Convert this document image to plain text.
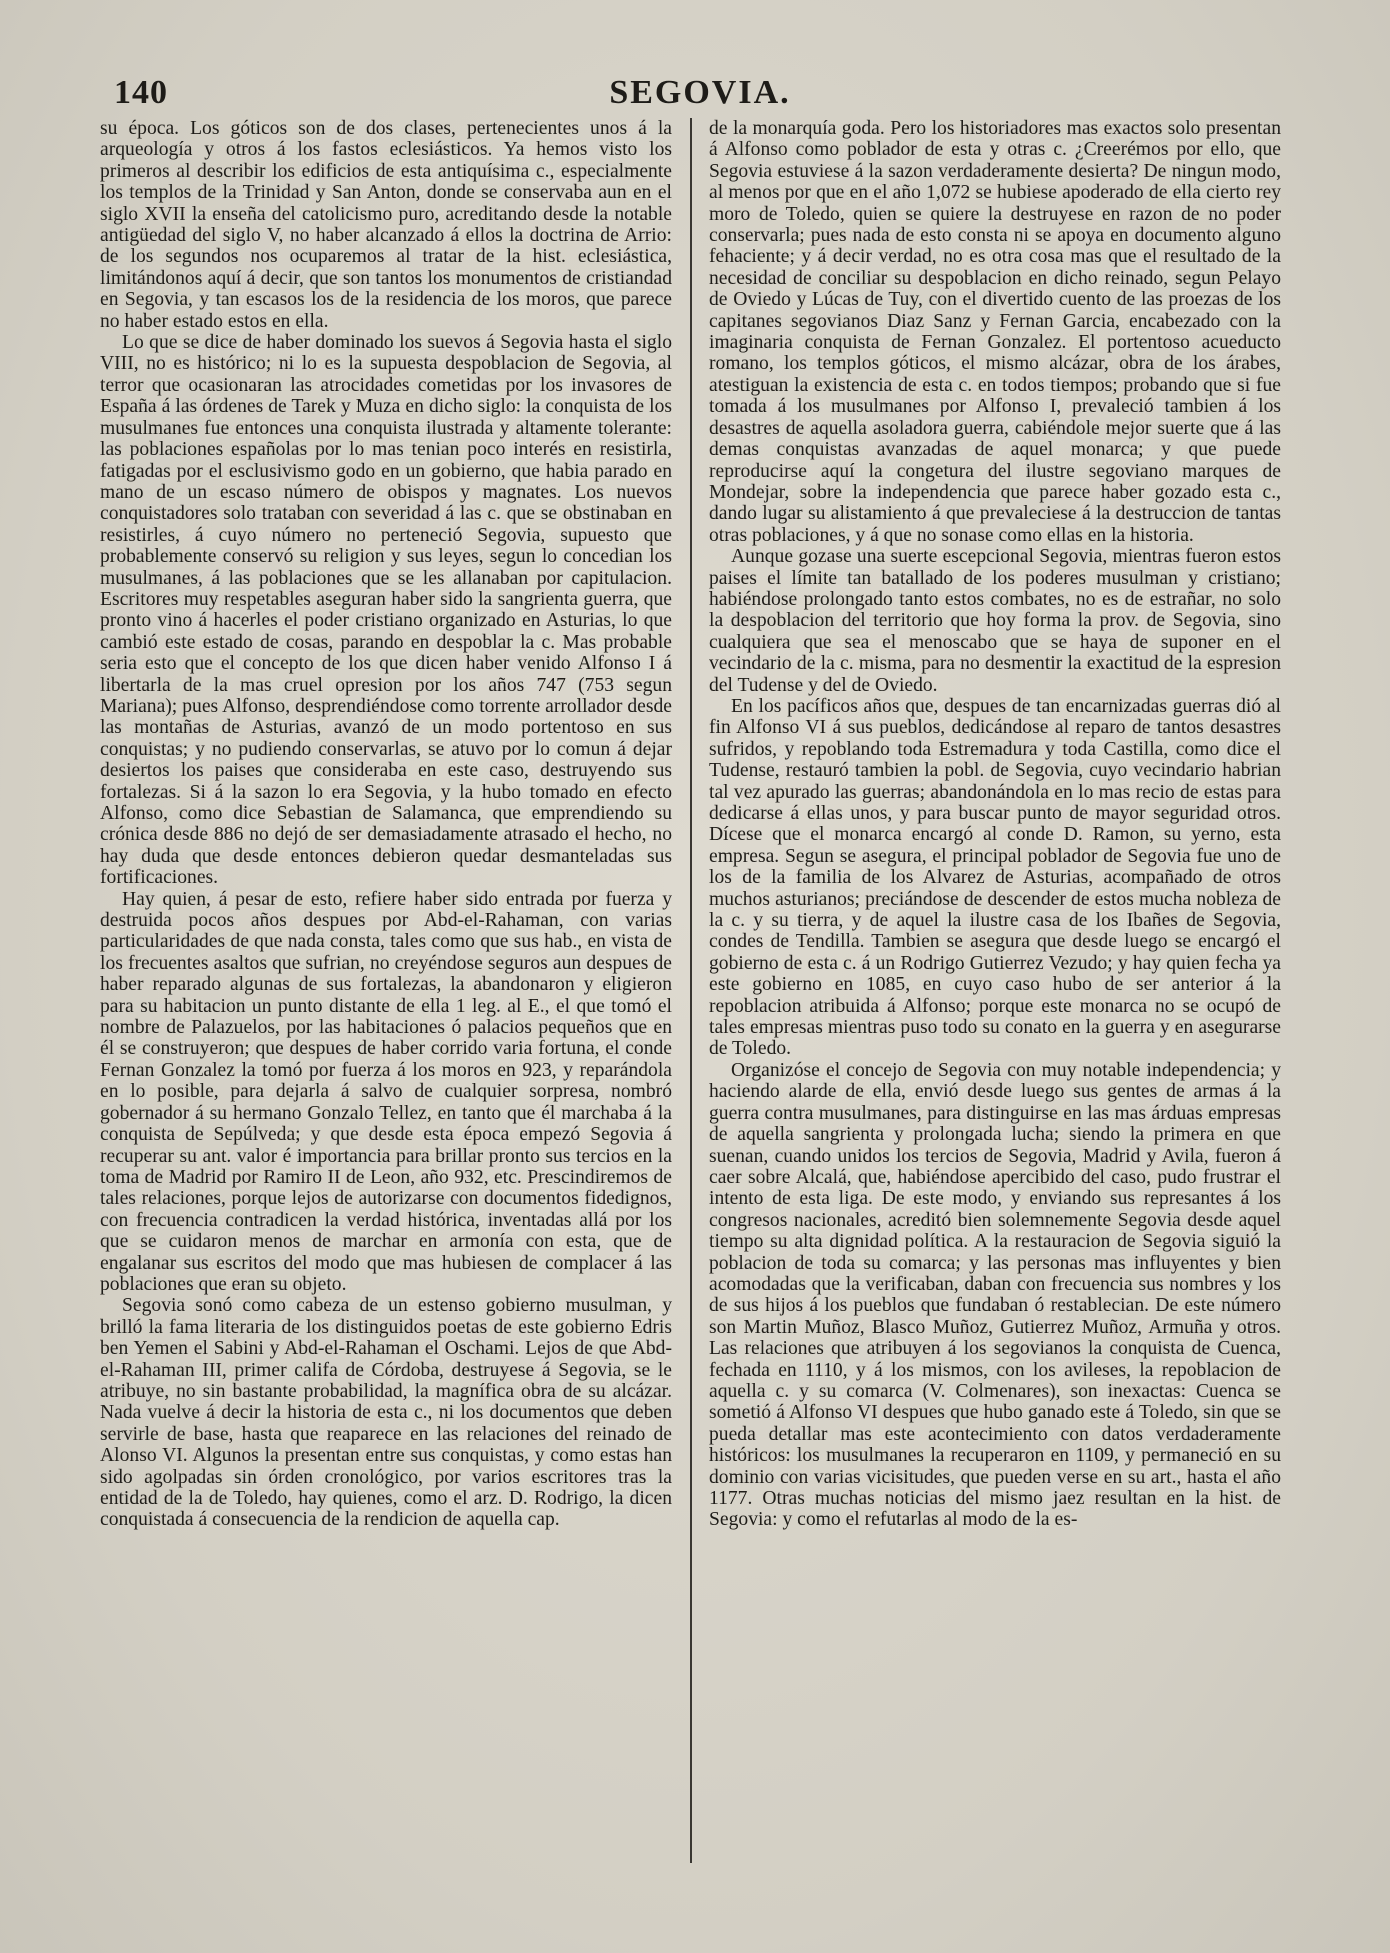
140	SEGOVIA.

su época. Los góticos son de dos clases, pertenecientes unos á la arqueología y otros á los fastos eclesiásticos. Ya hemos visto los primeros al describir los edificios de esta antiquísima c., especialmente los templos de la Trinidad y San Anton, donde se conservaba aun en el siglo XVII la enseña del catolicismo puro, acreditando desde la notable antigüedad del siglo V, no haber alcanzado á ellos la doctrina de Arrio: de los segundos nos ocuparemos al tratar de la hist. eclesiástica, limitándonos aquí á decir, que son tantos los monumentos de cristiandad en Segovia, y tan escasos los de la residencia de los moros, que parece no haber estado estos en ella.

Lo que se dice de haber dominado los suevos á Segovia hasta el siglo VIII, no es histórico; ni lo es la supuesta despoblacion de Segovia, al terror que ocasionaran las atrocidades cometidas por los invasores de España á las órdenes de Tarek y Muza en dicho siglo: la conquista de los musulmanes fue entonces una conquista ilustrada y altamente tolerante: las poblaciones españolas por lo mas tenian poco interés en resistirla, fatigadas por el esclusivismo godo en un gobierno, que habia parado en mano de un escaso número de obispos y magnates. Los nuevos conquistadores solo trataban con severidad á las c. que se obstinaban en resistirles, á cuyo número no perteneció Segovia, supuesto que probablemente conservó su religion y sus leyes, segun lo concedian los musulmanes, á las poblaciones que se les allanaban por capitulacion. Escritores muy respetables aseguran haber sido la sangrienta guerra, que pronto vino á hacerles el poder cristiano organizado en Asturias, lo que cambió este estado de cosas, parando en despoblar la c. Mas probable seria esto que el concepto de los que dicen haber venido Alfonso I á libertarla de la mas cruel opresion por los años 747 (753 segun Mariana); pues Alfonso, desprendiéndose como torrente arrollador desde las montañas de Asturias, avanzó de un modo portentoso en sus conquistas; y no pudiendo conservarlas, se atuvo por lo comun á dejar desiertos los paises que consideraba en este caso, destruyendo sus fortalezas. Si á la sazon lo era Segovia, y la hubo tomado en efecto Alfonso, como dice Sebastian de Salamanca, que emprendiendo su crónica desde 886 no dejó de ser demasiadamente atrasado el hecho, no hay duda que desde entonces debieron quedar desmanteladas sus fortificaciones.

Hay quien, á pesar de esto, refiere haber sido entrada por fuerza y destruida pocos años despues por Abd-el-Rahaman, con varias particularidades de que nada consta, tales como que sus hab., en vista de los frecuentes asaltos que sufrian, no creyéndose seguros aun despues de haber reparado algunas de sus fortalezas, la abandonaron y eligieron para su habitacion un punto distante de ella 1 leg. al E., el que tomó el nombre de Palazuelos, por las habitaciones ó palacios pequeños que en él se construyeron; que despues de haber corrido varia fortuna, el conde Fernan Gonzalez la tomó por fuerza á los moros en 923, y reparándola en lo posible, para dejarla á salvo de cualquier sorpresa, nombró gobernador á su hermano Gonzalo Tellez, en tanto que él marchaba á la conquista de Sepúlveda; y que desde esta época empezó Segovia á recuperar su ant. valor é importancia para brillar pronto sus tercios en la toma de Madrid por Ramiro II de Leon, año 932, etc. Prescindiremos de tales relaciones, porque lejos de autorizarse con documentos fidedignos, con frecuencia contradicen la verdad histórica, inventadas allá por los que se cuidaron menos de marchar en armonía con esta, que de engalanar sus escritos del modo que mas hubiesen de complacer á las poblaciones que eran su objeto.

Segovia sonó como cabeza de un estenso gobierno musulman, y brilló la fama literaria de los distinguidos poetas de este gobierno Edris ben Yemen el Sabini y Abd-el-Rahaman el Oschami. Lejos de que Abd-el-Rahaman III, primer califa de Córdoba, destruyese á Segovia, se le atribuye, no sin bastante probabilidad, la magnífica obra de su alcázar. Nada vuelve á decir la historia de esta c., ni los documentos que deben servirle de base, hasta que reaparece en las relaciones del reinado de Alonso VI. Algunos la presentan entre sus conquistas, y como estas han sido agolpadas sin órden cronológico, por varios escritores tras la entidad de la de Toledo, hay quienes, como el arz. D. Rodrigo, la dicen conquistada á consecuencia de la rendicion de aquella cap.

de la monarquía goda. Pero los historiadores mas exactos solo presentan á Alfonso como poblador de esta y otras c. ¿Creerémos por ello, que Segovia estuviese á la sazon verdaderamente desierta? De ningun modo, al menos por que en el año 1,072 se hubiese apoderado de ella cierto rey moro de Toledo, quien se quiere la destruyese en razon de no poder conservarla; pues nada de esto consta ni se apoya en documento alguno fehaciente; y á decir verdad, no es otra cosa mas que el resultado de la necesidad de conciliar su despoblacion en dicho reinado, segun Pelayo de Oviedo y Lúcas de Tuy, con el divertido cuento de las proezas de los capitanes segovianos Diaz Sanz y Fernan Garcia, encabezado con la imaginaria conquista de Fernan Gonzalez. El portentoso acueducto romano, los templos góticos, el mismo alcázar, obra de los árabes, atestiguan la existencia de esta c. en todos tiempos; probando que si fue tomada á los musulmanes por Alfonso I, prevaleció tambien á los desastres de aquella asoladora guerra, cabiéndole mejor suerte que á las demas conquistas avanzadas de aquel monarca; y que puede reproducirse aquí la congetura del ilustre segoviano marques de Mondejar, sobre la independencia que parece haber gozado esta c., dando lugar su alistamiento á que prevaleciese á la destruccion de tantas otras poblaciones, y á que no sonase como ellas en la historia.

Aunque gozase una suerte escepcional Segovia, mientras fueron estos paises el límite tan batallado de los poderes musulman y cristiano; habiéndose prolongado tanto estos combates, no es de estrañar, no solo la despoblacion del territorio que hoy forma la prov. de Segovia, sino cualquiera que sea el menoscabo que se haya de suponer en el vecindario de la c. misma, para no desmentir la exactitud de la espresion del Tudense y del de Oviedo.

En los pacíficos años que, despues de tan encarnizadas guerras dió al fin Alfonso VI á sus pueblos, dedicándose al reparo de tantos desastres sufridos, y repoblando toda Estremadura y toda Castilla, como dice el Tudense, restauró tambien la pobl. de Segovia, cuyo vecindario habrian tal vez apurado las guerras; abandonándola en lo mas recio de estas para dedicarse á ellas unos, y para buscar punto de mayor seguridad otros. Dícese que el monarca encargó al conde D. Ramon, su yerno, esta empresa. Segun se asegura, el principal poblador de Segovia fue uno de los de la familia de los Alvarez de Asturias, acompañado de otros muchos asturianos; preciándose de descender de estos mucha nobleza de la c. y su tierra, y de aquel la ilustre casa de los Ibañes de Segovia, condes de Tendilla. Tambien se asegura que desde luego se encargó el gobierno de esta c. á un Rodrigo Gutierrez Vezudo; y hay quien fecha ya este gobierno en 1085, en cuyo caso hubo de ser anterior á la repoblacion atribuida á Alfonso; porque este monarca no se ocupó de tales empresas mientras puso todo su conato en la guerra y en asegurarse de Toledo.

Organizóse el concejo de Segovia con muy notable independencia; y haciendo alarde de ella, envió desde luego sus gentes de armas á la guerra contra musulmanes, para distinguirse en las mas árduas empresas de aquella sangrienta y prolongada lucha; siendo la primera en que suenan, cuando unidos los tercios de Segovia, Madrid y Avila, fueron á caer sobre Alcalá, que, habiéndose apercibido del caso, pudo frustrar el intento de esta liga. De este modo, y enviando sus represantes á los congresos nacionales, acreditó bien solemnemente Segovia desde aquel tiempo su alta dignidad política. A la restauracion de Segovia siguió la poblacion de toda su comarca; y las personas mas influyentes y bien acomodadas que la verificaban, daban con frecuencia sus nombres y los de sus hijos á los pueblos que fundaban ó restablecian. De este número son Martin Muñoz, Blasco Muñoz, Gutierrez Muñoz, Armuña y otros. Las relaciones que atribuyen á los segovianos la conquista de Cuenca, fechada en 1110, y á los mismos, con los avileses, la repoblacion de aquella c. y su comarca (V. Colmenares), son inexactas: Cuenca se sometió á Alfonso VI despues que hubo ganado este á Toledo, sin que se pueda detallar mas este acontecimiento con datos verdaderamente históricos: los musulmanes la recuperaron en 1109, y permaneció en su dominio con varias vicisitudes, que pueden verse en su art., hasta el año 1177. Otras muchas noticias del mismo jaez resultan en la hist. de Segovia: y como el refutarlas al modo de la es-
